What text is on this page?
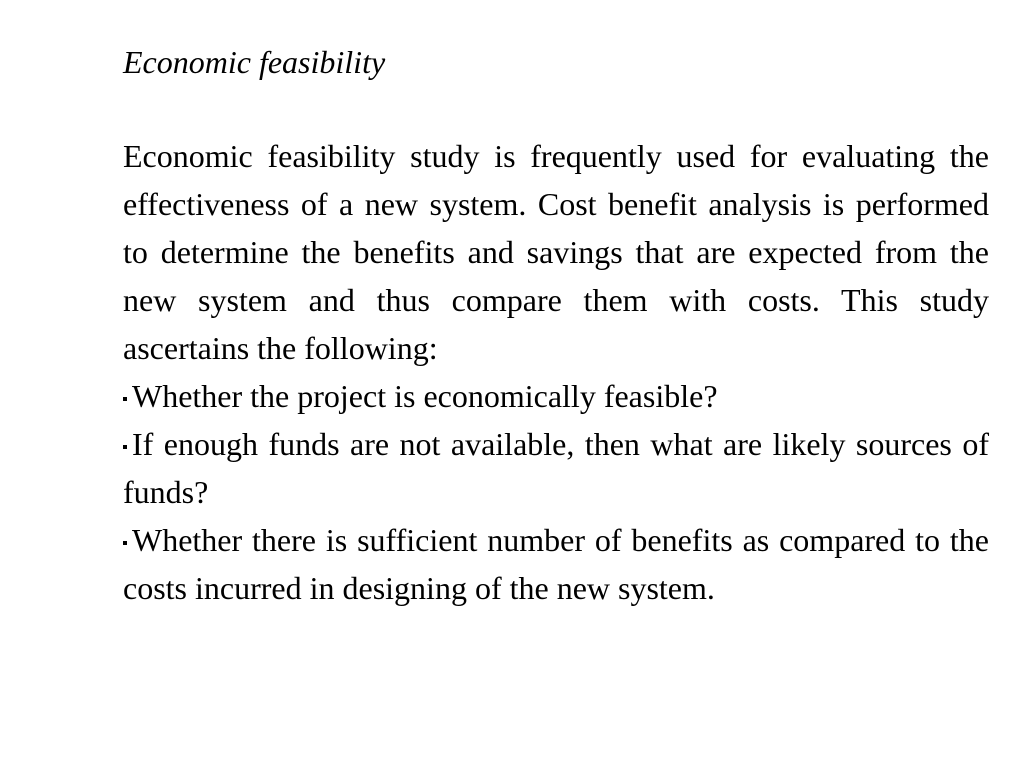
Economic feasibility

Economic feasibility study is frequently used for evaluating the effectiveness of a new system. Cost benefit analysis is performed to determine the benefits and savings that are expected from the new system and thus compare them with costs. This study ascertains the following:

Whether the project is economically feasible?

If enough funds are not available, then what are likely sources of funds?

Whether there is sufficient number of benefits as compared to the costs incurred in designing of the new system.
